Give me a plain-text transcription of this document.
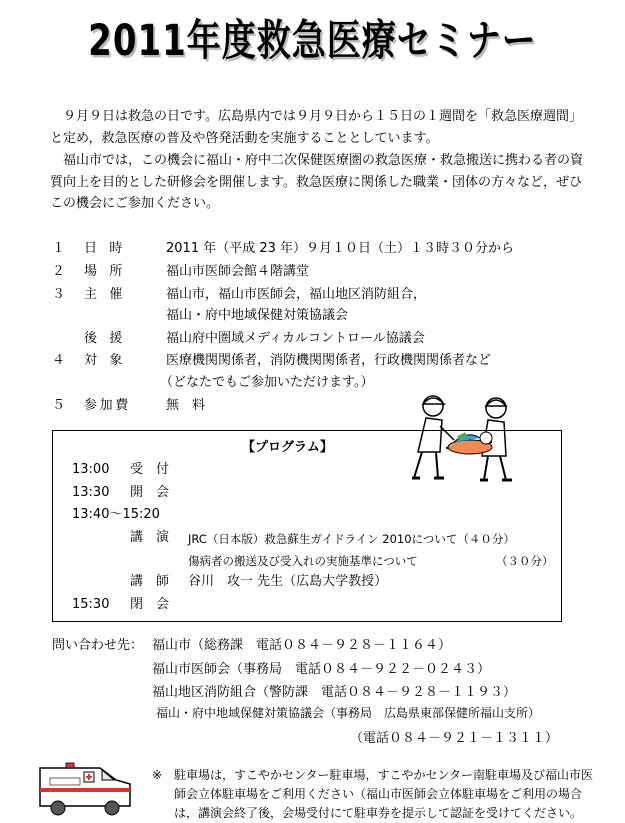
2011年度救急医療セミナー
９月９日は救急の日です。広島県内では９月９日から１５日の１週間を「救急医療週間」と定め，救急医療の普及や啓発活動を実施することとしています。
福山市では，この機会に福山・府中二次保健医療圏の救急医療・救急搬送に携わる者の資質向上を目的とした研修会を開催します。救急医療に関係した職業・団体の方々など，ぜひこの機会にご参加ください。
１ 日時	2011 年（平成 23 年）９月１０日（土）１３時３０分から
２ 場所	福山市医師会館４階講堂
３ 主催	福山市，福山市医師会，福山地区消防組合，
福山・府中地域保健対策協議会
後援	福山府中圏域メディカルコントロール協議会
４ 対象	医療機関関係者，消防機関関係者，行政機関関係者など
（どなたでもご参加いただけます。）
５ 参加費	無　料
【プログラム】
13:00 受　付
13:30 開　会
13:40～15:20
講　演 JRC（日本版）救急蘇生ガイドライン 2010について（４０分）
傷病者の搬送及び受入れの実施基準について	（３０分）
講　師 谷川　攻一 先生（広島大学教授）
15:30 閉　会
問い合わせ先： 福山市（総務課　電話０８４－９２８－１１６４）
福山市医師会（事務局　電話０８４－９２２－０２４３）
福山地区消防組合（警防課　電話０８４－９２８－１１９３）
福山・府中地域保健対策協議会（事務局　広島県東部保健所福山支所）
（電話０８４－９２１－１３１１）
※ 駐車場は，すこやかセンター駐車場，すこやかセンター南駐車場及び福山市医師会立体駐車場をご利用ください（福山市医師会立体駐車場をご利用の場合は，講演会終了後，会場受付にて駐車券を提示して認証を受けてください。
